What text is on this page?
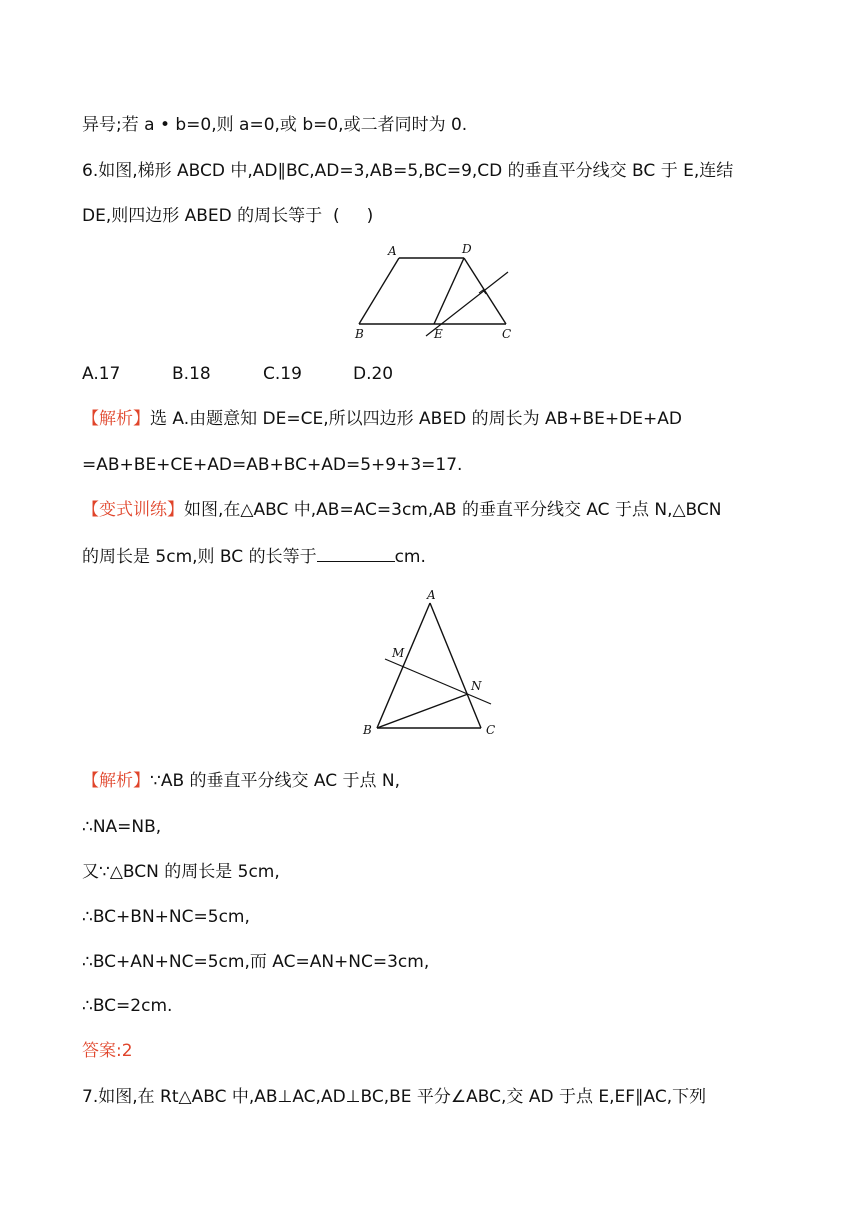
异号;若 a • b=0,则 a=0,或 b=0,或二者同时为 0.
6.如图,梯形 ABCD 中,AD∥BC,AD=3,AB=5,BC=9,CD 的垂直平分线交 BC 于 E,连结
DE,则四边形 ABED 的周长等于  (     )
A	D
B	E	C
A.17	B.18	C.19	D.20
【解析】选 A.由题意知 DE=CE,所以四边形 ABED 的周长为 AB+BE+DE+AD
=AB+BE+CE+AD=AB+BC+AD=5+9+3=17.
【变式训练】如图,在△ABC 中,AB=AC=3cm,AB 的垂直平分线交 AC 于点 N,△BCN
的周长是 5cm,则 BC 的长等于	cm.
A
M
N
B	C
【解析】∵AB 的垂直平分线交 AC 于点 N,
∴NA=NB,
又∵△BCN 的周长是 5cm,
∴BC+BN+NC=5cm,
∴BC+AN+NC=5cm,而 AC=AN+NC=3cm,
∴BC=2cm.
答案:2
7.如图,在 Rt△ABC 中,AB⊥AC,AD⊥BC,BE 平分∠ABC,交 AD 于点 E,EF∥AC,下列
